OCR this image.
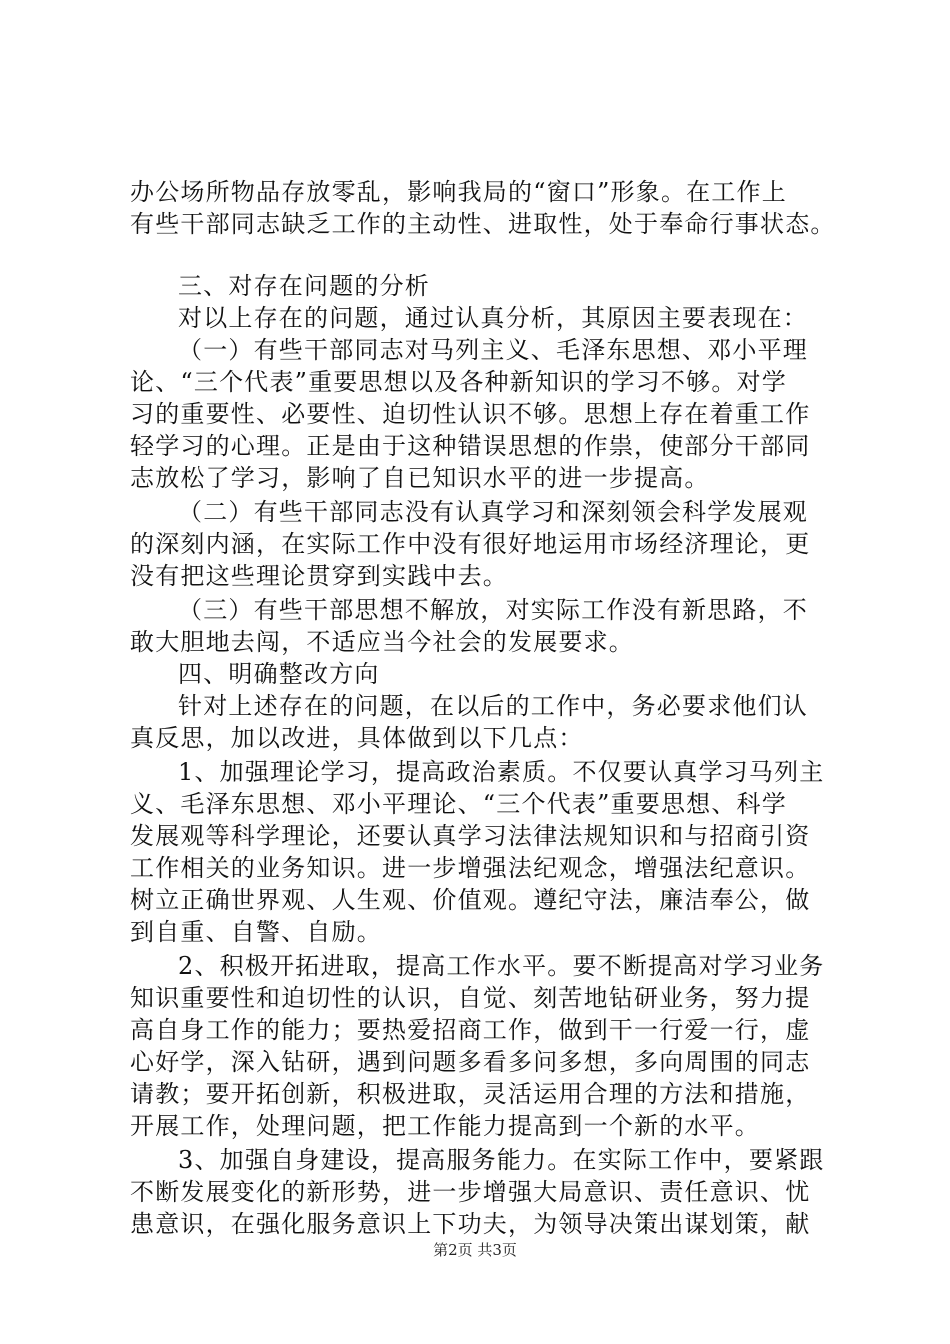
办公场所物品存放零乱，影响我局的“窗口”形象。在工作上
有些干部同志缺乏工作的主动性、进取性，处于奉命行事状态。
三、对存在问题的分析
对以上存在的问题，通过认真分析，其原因主要表现在：
（一）有些干部同志对马列主义、毛泽东思想、邓小平理
论、“三个代表”重要思想以及各种新知识的学习不够。对学
习的重要性、必要性、迫切性认识不够。思想上存在着重工作
轻学习的心理。正是由于这种错误思想的作祟，使部分干部同
志放松了学习，影响了自已知识水平的进一步提高。
（二）有些干部同志没有认真学习和深刻领会科学发展观
的深刻内涵，在实际工作中没有很好地运用市场经济理论，更
没有把这些理论贯穿到实践中去。
（三）有些干部思想不解放，对实际工作没有新思路，不
敢大胆地去闯，不适应当今社会的发展要求。
四、明确整改方向
针对上述存在的问题，在以后的工作中，务必要求他们认
真反思，加以改进，具体做到以下几点：
1、加强理论学习，提高政治素质。不仅要认真学习马列主
义、毛泽东思想、邓小平理论、“三个代表”重要思想、科学
发展观等科学理论，还要认真学习法律法规知识和与招商引资
工作相关的业务知识。进一步增强法纪观念，增强法纪意识。
树立正确世界观、人生观、价值观。遵纪守法，廉洁奉公，做
到自重、自警、自励。
2、积极开拓进取，提高工作水平。要不断提高对学习业务
知识重要性和迫切性的认识，自觉、刻苦地钻研业务，努力提
高自身工作的能力；要热爱招商工作，做到干一行爱一行，虚
心好学，深入钻研，遇到问题多看多问多想，多向周围的同志
请教；要开拓创新，积极进取，灵活运用合理的方法和措施，
开展工作，处理问题，把工作能力提高到一个新的水平。
3、加强自身建设，提高服务能力。在实际工作中，要紧跟
不断发展变化的新形势，进一步增强大局意识、责任意识、忧
患意识，在强化服务意识上下功夫，为领导决策出谋划策，献
第2页 共3页
